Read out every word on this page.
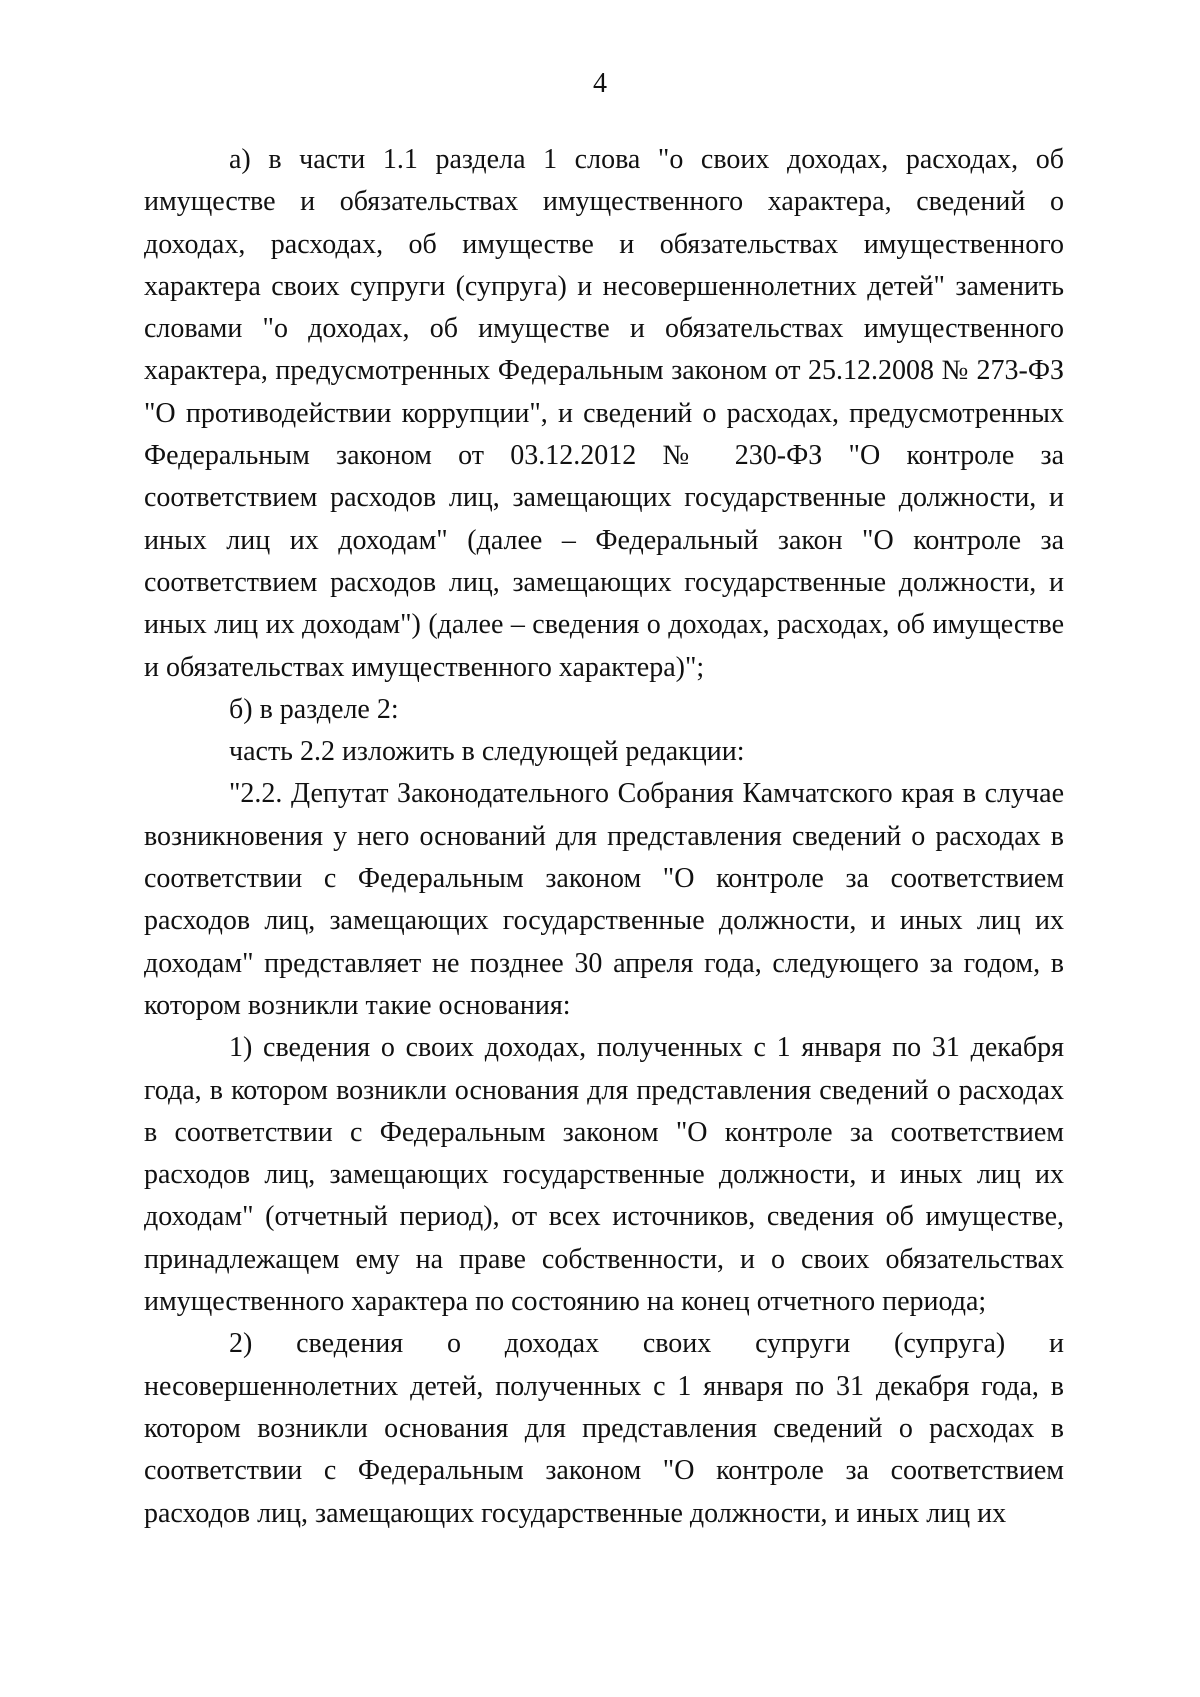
4

а) в части 1.1 раздела 1 слова "о своих доходах, расходах, об имуществе и обязательствах имущественного характера, сведений о доходах, расходах, об имуществе и обязательствах имущественного характера своих супруги (супруга) и несовершеннолетних детей" заменить словами "о доходах, об имуществе и обязательствах имущественного характера, предусмотренных Федеральным законом от 25.12.2008 № 273-ФЗ "О противодействии коррупции", и сведений о расходах, предусмотренных Федеральным законом от 03.12.2012 № 230-ФЗ "О контроле за соответствием расходов лиц, замещающих государственные должности, и иных лиц их доходам" (далее – Федеральный закон "О контроле за соответствием расходов лиц, замещающих государственные должности, и иных лиц их доходам") (далее – сведения о доходах, расходах, об имуществе и обязательствах имущественного характера)";

б) в разделе 2:

часть 2.2 изложить в следующей редакции:

"2.2. Депутат Законодательного Собрания Камчатского края в случае возникновения у него оснований для представления сведений о расходах в соответствии с Федеральным законом "О контроле за соответствием расходов лиц, замещающих государственные должности, и иных лиц их доходам" представляет не позднее 30 апреля года, следующего за годом, в котором возникли такие основания:

1) сведения о своих доходах, полученных с 1 января по 31 декабря года, в котором возникли основания для представления сведений о расходах в соответствии с Федеральным законом "О контроле за соответствием расходов лиц, замещающих государственные должности, и иных лиц их доходам" (отчетный период), от всех источников, сведения об имуществе, принадлежащем ему на праве собственности, и о своих обязательствах имущественного характера по состоянию на конец отчетного периода;

2) сведения о доходах своих супруги (супруга) и несовершеннолетних детей, полученных с 1 января по 31 декабря года, в котором возникли основания для представления сведений о расходах в соответствии с Федеральным законом "О контроле за соответствием расходов лиц, замещающих государственные должности, и иных лиц их
